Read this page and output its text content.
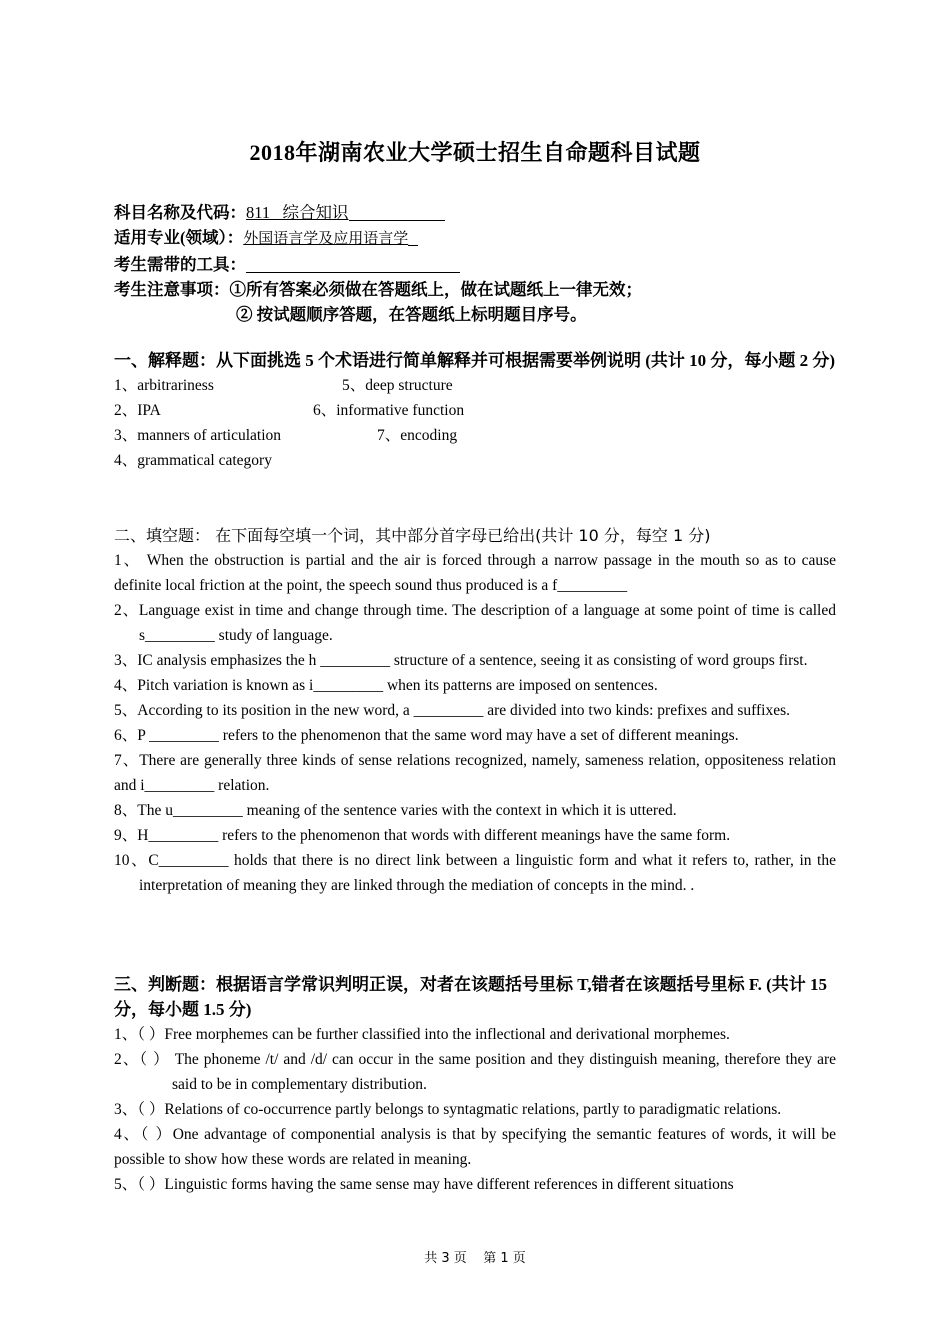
2018年湖南农业大学硕士招生自命题科目试题
科目名称及代码：811   综合知识
适用专业(领域）：外国语言学及应用语言学
考生需带的工具：
考生注意事项：①所有答案必须做在答题纸上，做在试题纸上一律无效；
② 按试题顺序答题，在答题纸上标明题目序号。
一、解释题：从下面挑选 5 个术语进行简单解释并可根据需要举例说明 (共计 10 分，每小题 2 分)
1、arbitrariness	5、deep structure
2、IPA	6、informative function
3、manners of articulation	7、encoding
4、grammatical category
二、填空题： 在下面每空填一个词，其中部分首字母已给出(共计 10 分，每空 1 分)
1、 When the obstruction is partial and the air is forced through a narrow passage in the mouth so as to cause definite local friction at the point, the speech sound thus produced is a f_________
2、Language exist in time and change through time. The description of a language at some point of time is called s_________ study of language.
3、IC analysis emphasizes the h _________ structure of a sentence, seeing it as consisting of word groups first.
4、Pitch variation is known as i_________ when its patterns are imposed on sentences.
5、According to its position in the new word, a _________ are divided into two kinds: prefixes and suffixes.
6、P _________ refers to the phenomenon that the same word may have a set of different meanings.
7、There are generally three kinds of sense relations recognized, namely, sameness relation, oppositeness relation and i_________ relation.
8、The u_________ meaning of the sentence varies with the context in which it is uttered.
9、H_________ refers to the phenomenon that words with different meanings have the same form.
10、C_________ holds that there is no direct link between a linguistic form and what it refers to, rather, in the interpretation of meaning they are linked through the mediation of concepts in the mind. .
三、判断题：根据语言学常识判明正误，对者在该题括号里标 T,错者在该题括号里标 F. (共计 15 分，每小题 1.5 分)
1、（ ）Free morphemes can be further classified into the inflectional and derivational morphemes.
2、（ ） The phoneme /t/ and /d/ can occur in the same position and they distinguish meaning, therefore they are said to be in complementary distribution.
3、（ ）Relations of co-occurrence partly belongs to syntagmatic relations, partly to paradigmatic relations.
4、（ ）One advantage of componential analysis is that by specifying the semantic features of words, it will be possible to show how these words are related in meaning.
5、（ ）Linguistic forms having the same sense may have different references in different situations
共 3 页    第 1 页
